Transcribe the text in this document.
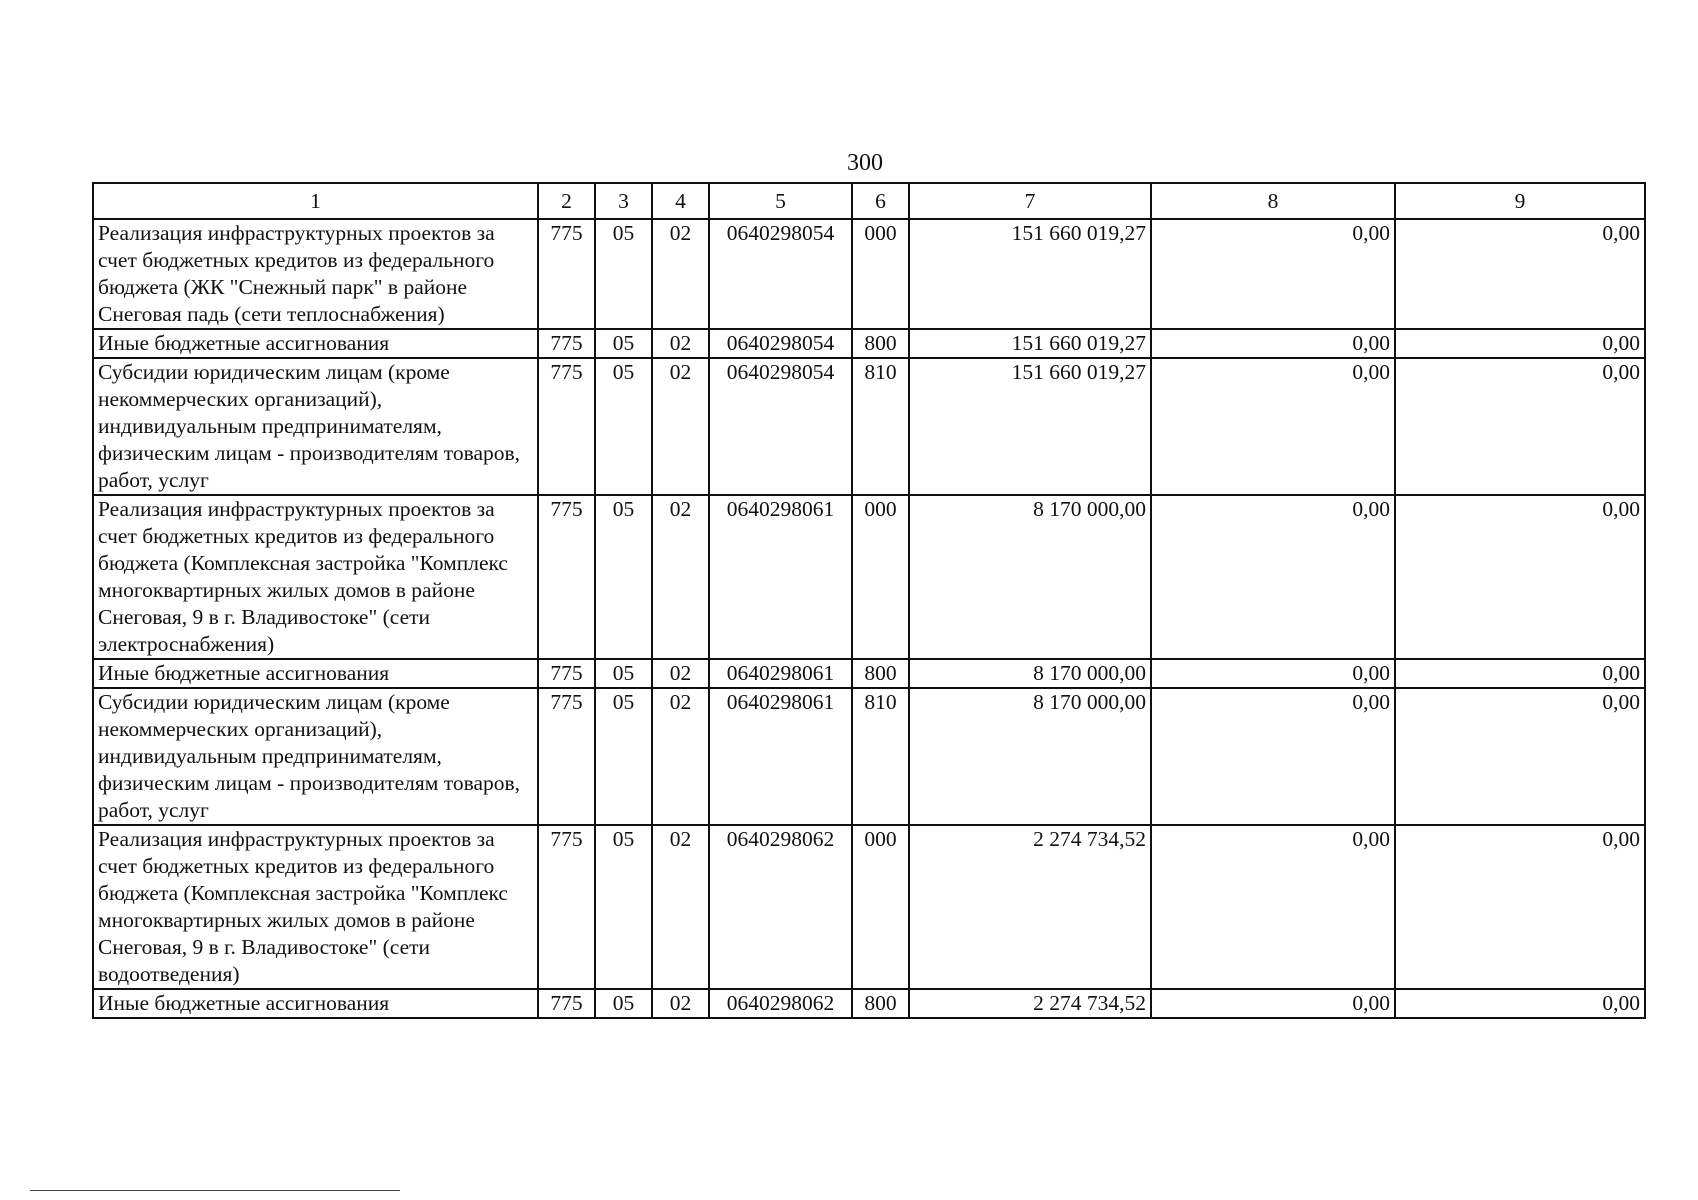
300
1	2	3	4	5	6	7	8	9
Реализация инфраструктурных проектов за счет бюджетных кредитов из федерального бюджета (ЖК "Снежный парк" в районе Снеговая падь (сети теплоснабжения)	775	05	02	0640298054	000	151 660 019,27	0,00	0,00
Иные бюджетные ассигнования	775	05	02	0640298054	800	151 660 019,27	0,00	0,00
Субсидии юридическим лицам (кроме некоммерческих организаций), индивидуальным предпринимателям, физическим лицам - производителям товаров, работ, услуг	775	05	02	0640298054	810	151 660 019,27	0,00	0,00
Реализация инфраструктурных проектов за счет бюджетных кредитов из федерального бюджета (Комплексная застройка "Комплекс многоквартирных жилых домов в районе Снеговая, 9 в г. Владивостоке" (сети электроснабжения)	775	05	02	0640298061	000	8 170 000,00	0,00	0,00
Иные бюджетные ассигнования	775	05	02	0640298061	800	8 170 000,00	0,00	0,00
Субсидии юридическим лицам (кроме некоммерческих организаций), индивидуальным предпринимателям, физическим лицам - производителям товаров, работ, услуг	775	05	02	0640298061	810	8 170 000,00	0,00	0,00
Реализация инфраструктурных проектов за счет бюджетных кредитов из федерального бюджета (Комплексная застройка "Комплекс многоквартирных жилых домов в районе Снеговая, 9 в г. Владивостоке" (сети водоотведения)	775	05	02	0640298062	000	2 274 734,52	0,00	0,00
Иные бюджетные ассигнования	775	05	02	0640298062	800	2 274 734,52	0,00	0,00
